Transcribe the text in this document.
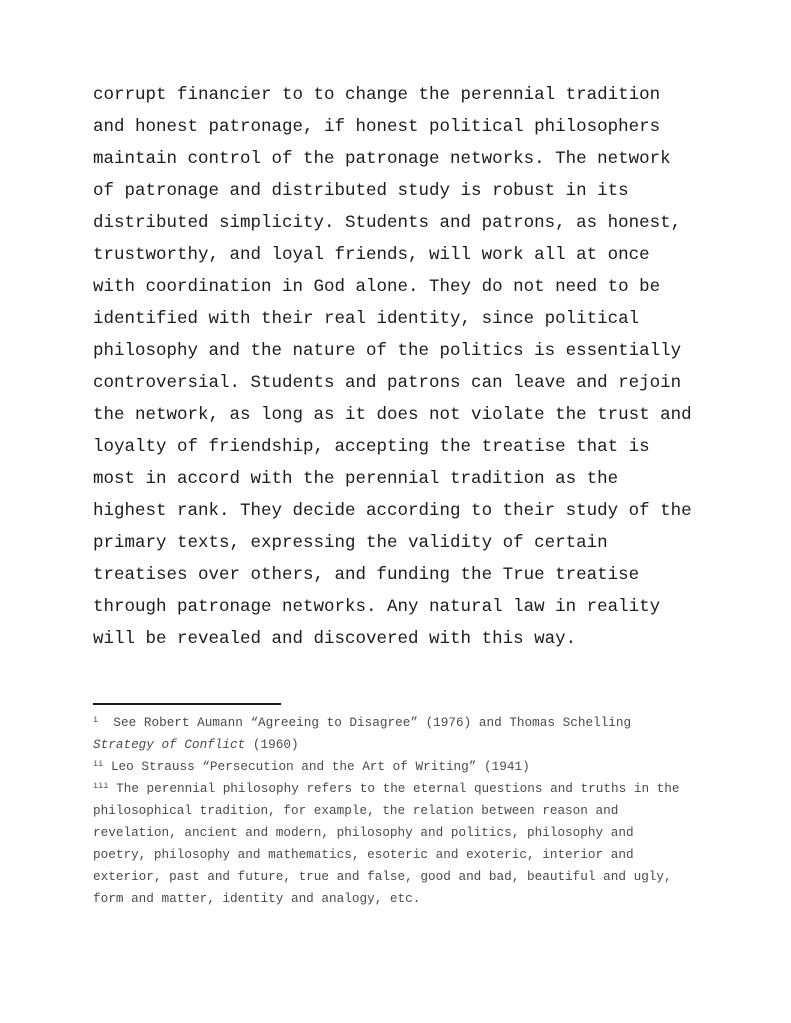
corrupt financier to to change the perennial tradition
and honest patronage, if honest political philosophers
maintain control of the patronage networks. The network
of patronage and distributed study is robust in its
distributed simplicity. Students and patrons, as honest,
trustworthy, and loyal friends, will work all at once
with coordination in God alone. They do not need to be
identified with their real identity, since political
philosophy and the nature of the politics is essentially
controversial. Students and patrons can leave and rejoin
the network, as long as it does not violate the trust and
loyalty of friendship, accepting the treatise that is
most in accord with the perennial tradition as the
highest rank. They decide according to their study of the
primary texts, expressing the validity of certain
treatises over others, and funding the True treatise
through patronage networks. Any natural law in reality
will be revealed and discovered with this way.
$^i$  See Robert Aumann “Agreeing to Disagree” (1976) and Thomas Schelling
Strategy of Conflict (1960)
$^{ii}$ Leo Strauss “Persecution and the Art of Writing” (1941)
$^{iii}$ The perennial philosophy refers to the eternal questions and truths in the
philosophical tradition, for example, the relation between reason and
revelation, ancient and modern, philosophy and politics, philosophy and
poetry, philosophy and mathematics, esoteric and exoteric, interior and
exterior, past and future, true and false, good and bad, beautiful and ugly,
form and matter, identity and analogy, etc.
